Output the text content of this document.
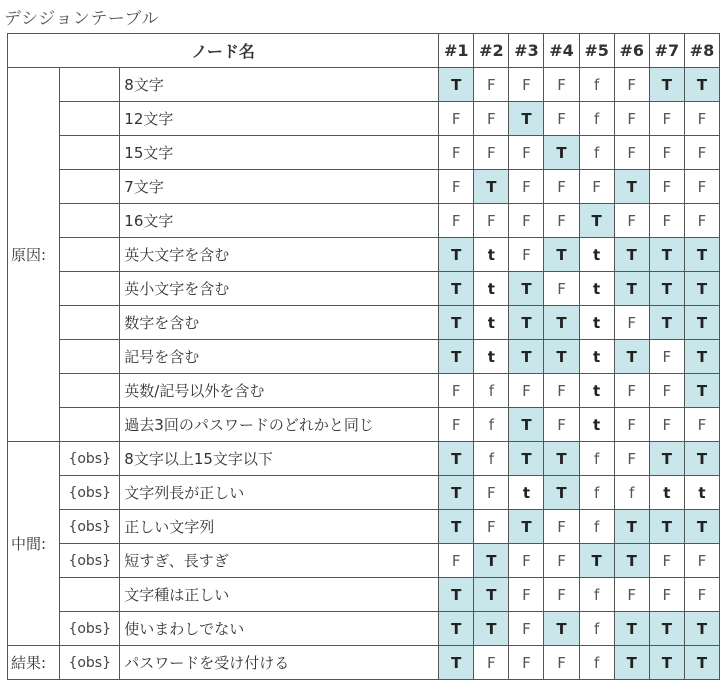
デシジョンテーブル
ノード名			#1	#2	#3	#4	#5	#6	#7	#8
原因:		8文字	T	F	F	F	f	F	T	T
		12文字	F	F	T	F	f	F	F	F
		15文字	F	F	F	T	f	F	F	F
		7文字	F	T	F	F	F	T	F	F
		16文字	F	F	F	F	T	F	F	F
		英大文字を含む	T	t	F	T	t	T	T	T
		英小文字を含む	T	t	T	F	t	T	T	T
		数字を含む	T	t	T	T	t	F	T	T
		記号を含む	T	t	T	T	t	T	F	T
		英数/記号以外を含む	F	f	F	F	t	F	F	T
		過去3回のパスワードのどれかと同じ	F	f	T	F	t	F	F	F
中間:	{obs}	8文字以上15文字以下	T	f	T	T	f	F	T	T
	{obs}	文字列長が正しい	T	F	t	T	f	f	t	t
	{obs}	正しい文字列	T	F	T	F	f	T	T	T
	{obs}	短すぎ、長すぎ	F	T	F	F	T	T	F	F
		文字種は正しい	T	T	F	F	f	F	F	F
	{obs}	使いまわしでない	T	T	F	T	f	T	T	T
結果:	{obs}	パスワードを受け付ける	T	F	F	F	f	T	T	T
